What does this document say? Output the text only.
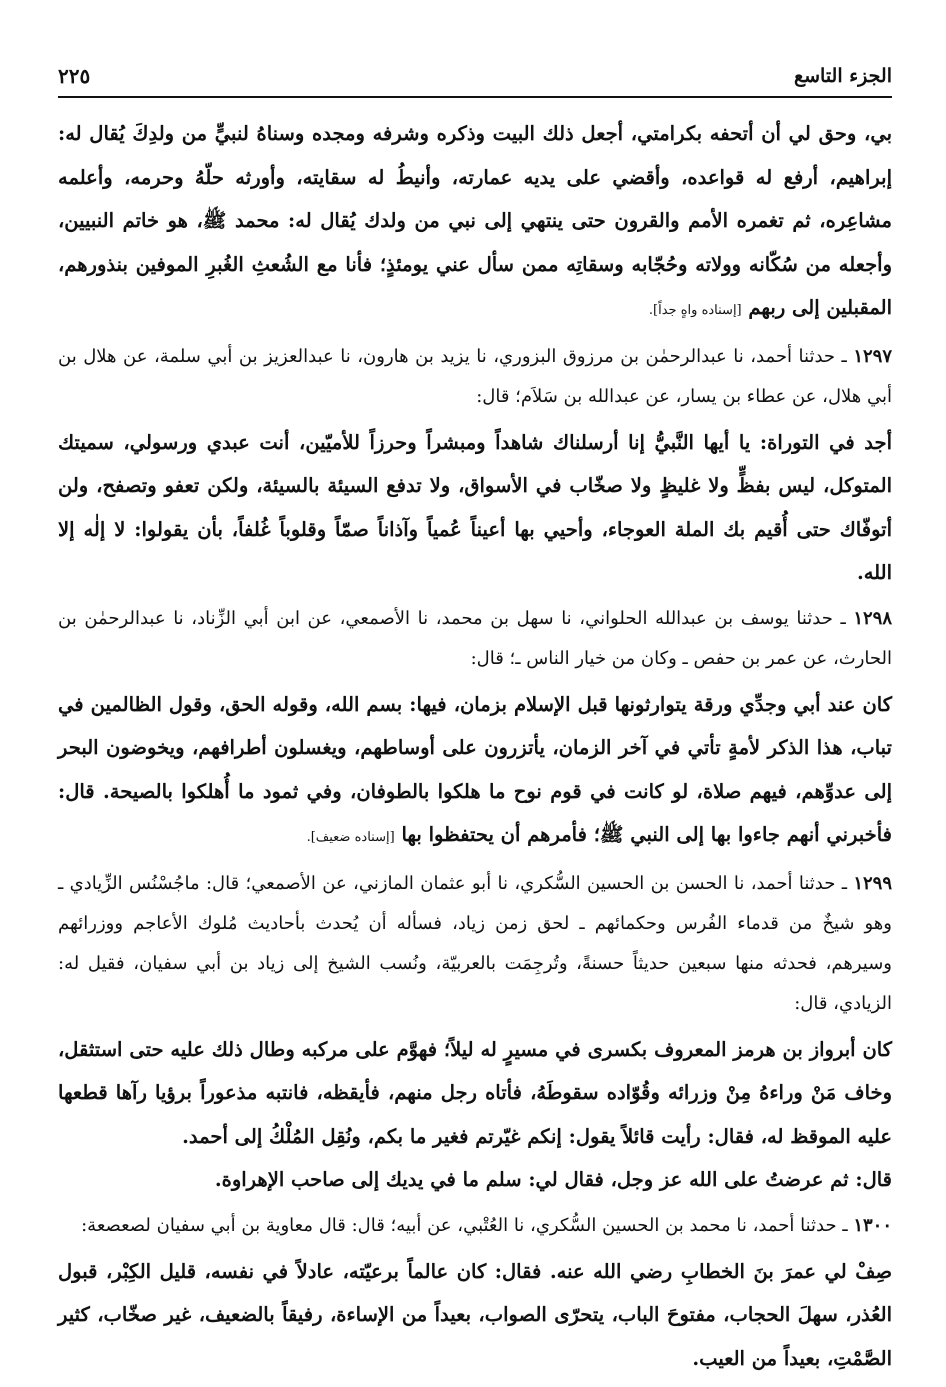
الجزء التاسع
٢٢٥

بي، وحق لي أن أتحفه بكرامتي، أجعل ذلك البيت وذكره وشرفه ومجده وسناهُ لنبيٍّ من ولدِكَ يُقال له: إبراهيم، أرفع له قواعده، وأقضي على يديه عمارته، وأنيطُ له سقايته، وأورثه حلّهُ وحرمه، وأعلمه مشاعِره، ثم تغمره الأمم والقرون حتى ينتهي إلى نبي من ولدك يُقال له: محمد ﷺ، هو خاتم النبيين، وأجعله من سُكّانه وولاته وحُجّابه وسقاتِه ممن سأل عني يومئذٍ؛ فأنا مع الشُعثِ الغُبرِ الموفين بنذورهم، المقبلين إلى ربهم [إسناده واهٍ جداً].

١٢٩٧ ـ حدثنا أحمد، نا عبدالرحمٰن بن مرزوق البزوري، نا يزيد بن هارون، نا عبدالعزيز بن أبي سلمة، عن هلال بن أبي هلال، عن عطاء بن يسار، عن عبدالله بن سَلاَم؛ قال:

أجد في التوراة: يا أيها النَّبيُّ إنا أرسلناك شاهداً ومبشراً وحرزاً للأميّين، أنت عبدي ورسولي، سميتك المتوكل، ليس بفظٍّ ولا غليظٍ ولا صخّاب في الأسواق، ولا تدفع السيئة بالسيئة، ولكن تعفو وتصفح، ولن أتوفّاك حتى أُقيم بك الملة العوجاء، وأحيي بها أعيناً عُمياً وآذاناً صمّاً وقلوباً غُلفاً، بأن يقولوا: لا إلٰه إلا الله.

١٢٩٨ ـ حدثنا يوسف بن عبدالله الحلواني، نا سهل بن محمد، نا الأصمعي، عن ابن أبي الزِّناد، نا عبدالرحمٰن بن الحارث، عن عمر بن حفص ـ وكان من خيار الناس ـ؛ قال:

كان عند أبي وجدِّي ورقة يتوارثونها قبل الإسلام بزمان، فيها: بسم الله، وقوله الحق، وقول الظالمين في تباب، هذا الذكر لأمةٍ تأتي في آخر الزمان، يأتزرون على أوساطهم، ويغسلون أطرافهم، ويخوضون البحر إلى عدوِّهم، فيهم صلاة، لو كانت في قوم نوح ما هلكوا بالطوفان، وفي ثمود ما أُهلكوا بالصيحة. قال: فأخبرني أنهم جاءوا بها إلى النبي ﷺ؛ فأمرهم أن يحتفظوا بها [إسناده ضعيف].

١٢٩٩ ـ حدثنا أحمد، نا الحسن بن الحسين السُّكري، نا أبو عثمان المازني، عن الأصمعي؛ قال: ماجُسْنُس الزِّيادي ـ وهو شيخٌ من قدماء الفُرس وحكمائهم ـ لحق زمن زياد، فسأله أن يُحدث بأحاديث مُلوك الأعاجم ووزرائهم وسيرهم، فحدثه منها سبعين حديثاً حسنةً، وتُرجِمَت بالعربيّة، ونُسب الشيخ إلى زياد بن أبي سفيان، فقيل له: الزيادي، قال:

كان أبرواز بن هرمز المعروف بكسرى في مسيرٍ له ليلاً؛ فهوَّم على مركبه وطال ذلك عليه حتى استثقل، وخاف مَنْ وراءهُ مِنْ وزرائه وقُوّاده سقوطَهُ، فأتاه رجل منهم، فأيقظه، فانتبه مذعوراً برؤيا رآها قطعها عليه الموقظ له، فقال: رأيت قائلاً يقول: إنكم غيّرتم فغير ما بكم، ونُقِل المُلْكُ إلى أحمد.

قال: ثم عرضتُ على الله عز وجل، فقال لي: سلم ما في يديك إلى صاحب الإهراوة.

١٣٠٠ ـ حدثنا أحمد، نا محمد بن الحسين السُّكري، نا العُتْبي، عن أبيه؛ قال: قال معاوية بن أبي سفيان لصعصعة:

صِفْ لي عمرَ بنَ الخطابِ رضي الله عنه. فقال: كان عالماً برعيّته، عادلاً في نفسه، قليل الكِبْر، قبول العُذر، سهلَ الحجاب، مفتوحَ الباب، يتحرّى الصواب، بعيداً من الإساءة، رفيقاً بالضعيف، غير صخّاب، كثير الصَّمْتِ، بعيداً من العيب.
